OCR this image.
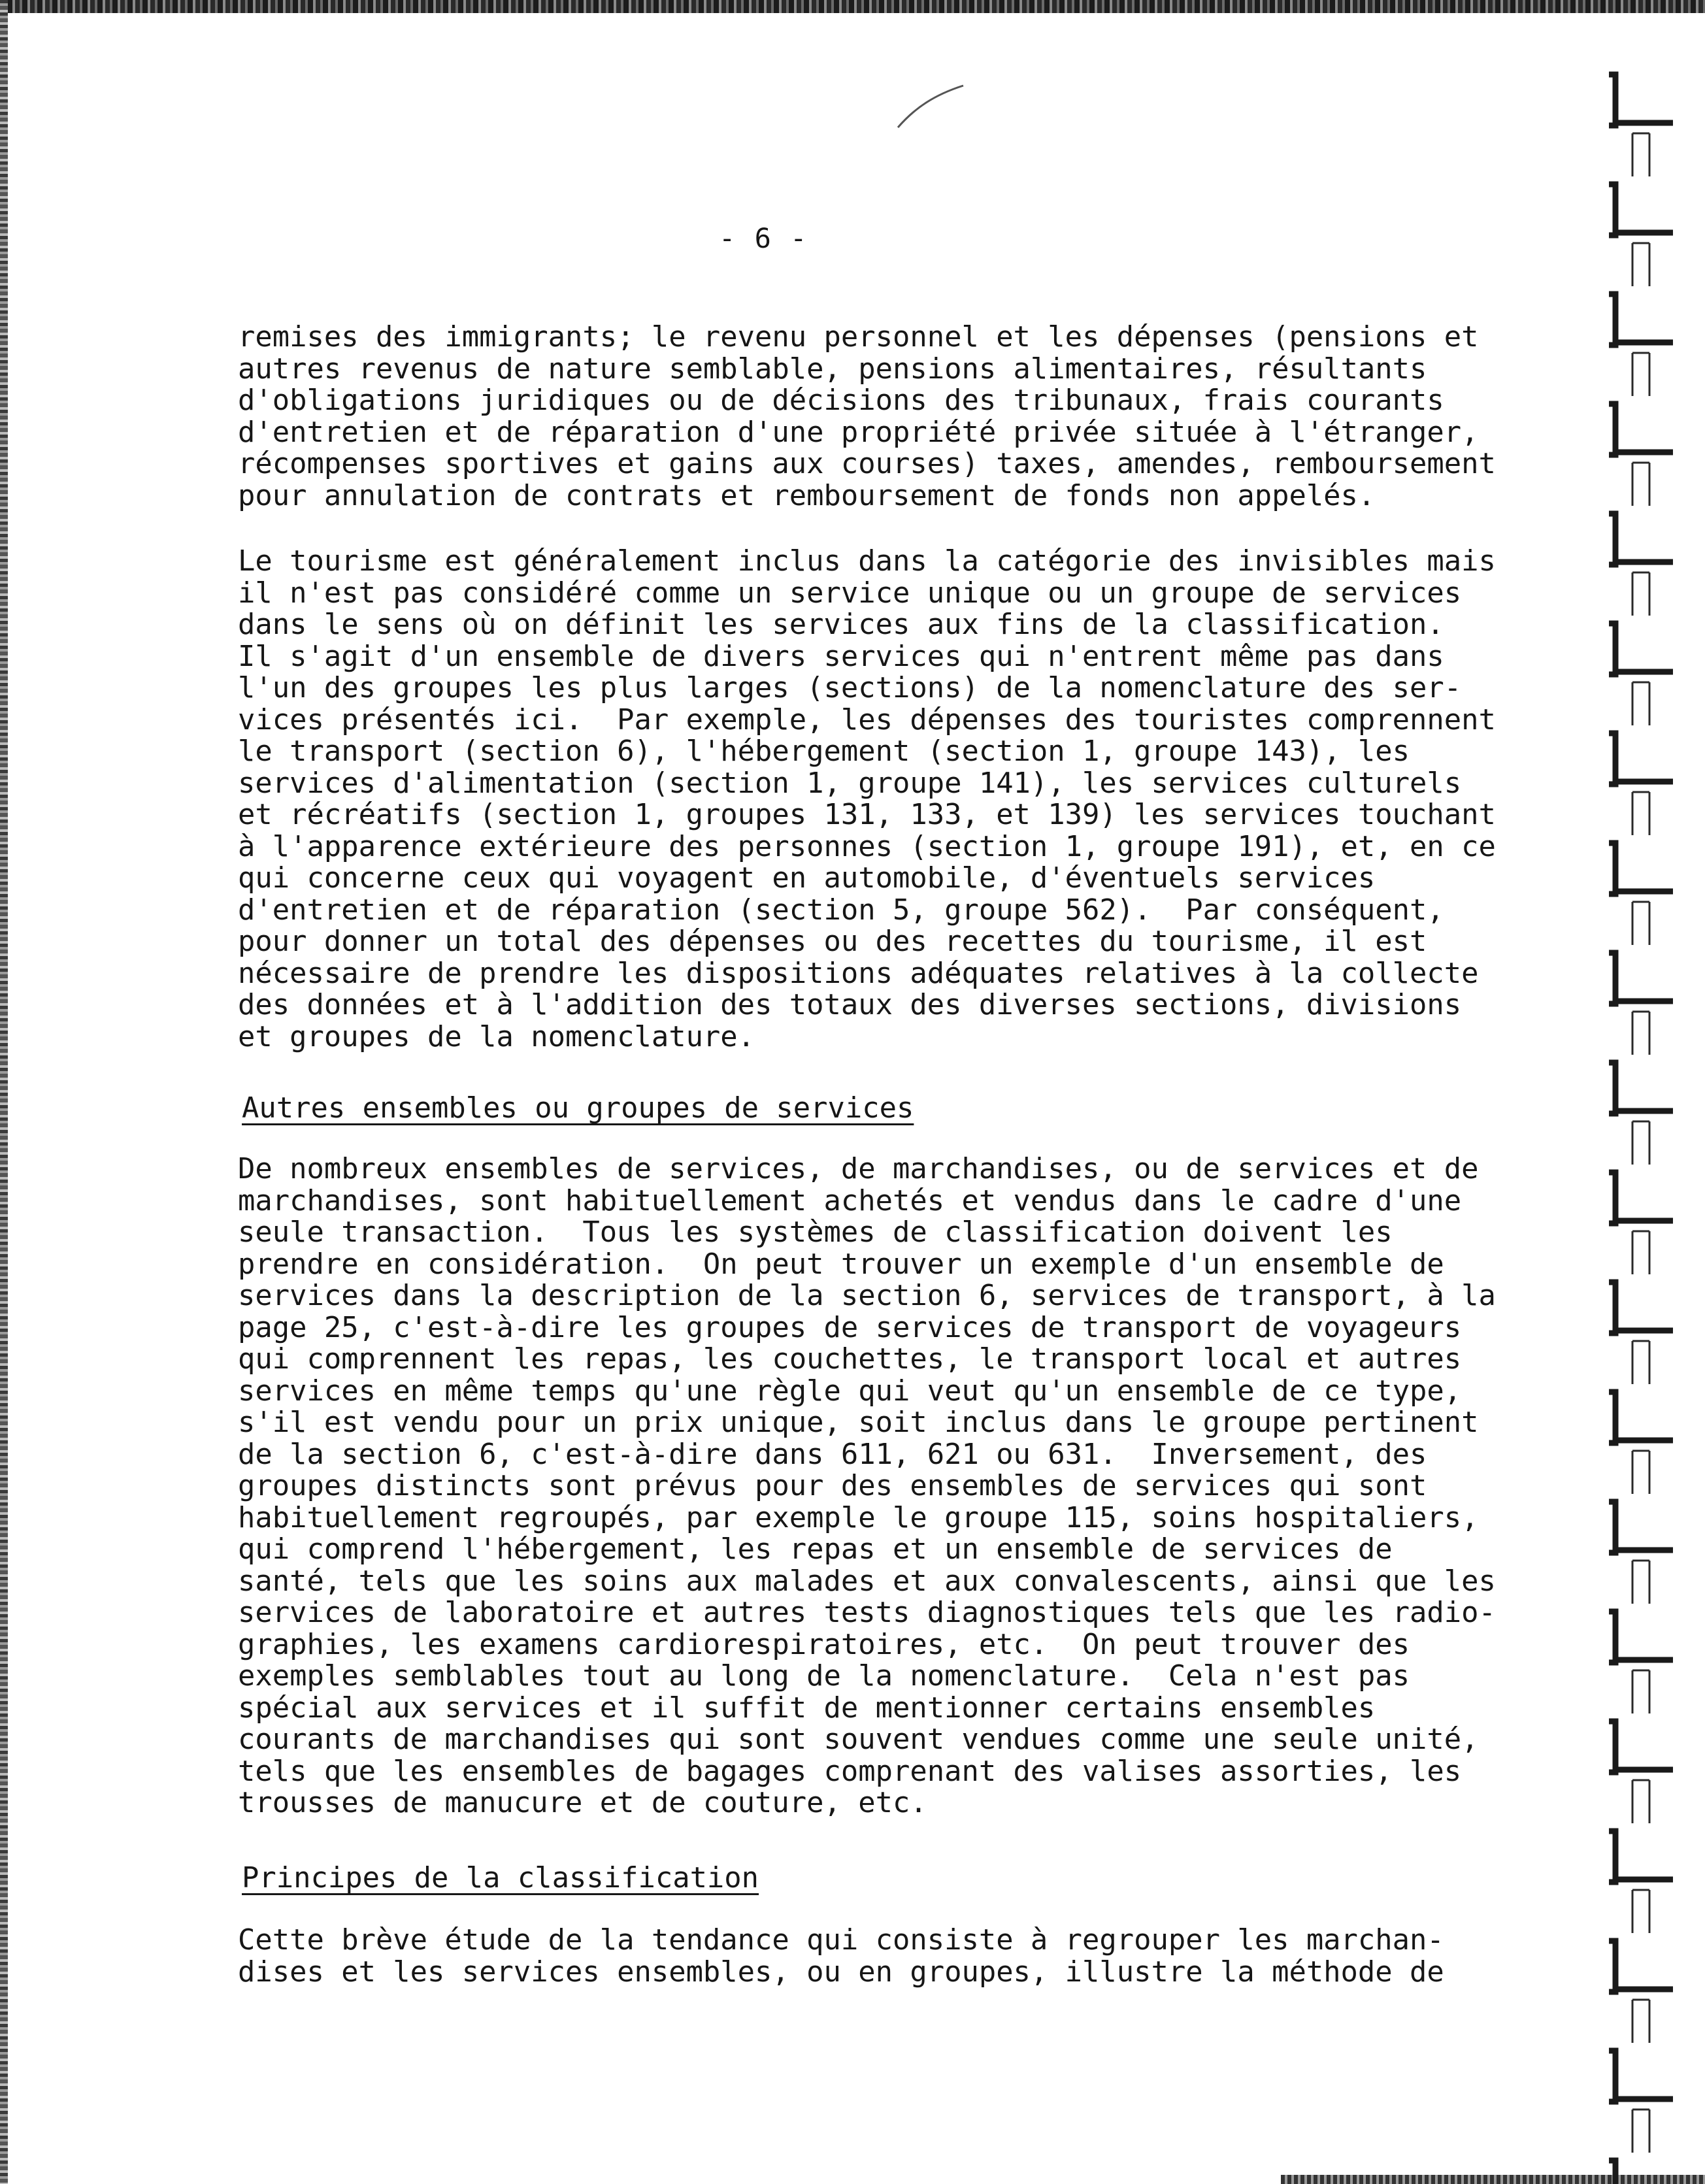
- 6 -
remises des immigrants; le revenu personnel et les dépenses (pensions et
autres revenus de nature semblable, pensions alimentaires, résultants
d'obligations juridiques ou de décisions des tribunaux, frais courants
d'entretien et de réparation d'une propriété privée située à l'étranger,
récompenses sportives et gains aux courses) taxes, amendes, remboursement
pour annulation de contrats et remboursement de fonds non appelés.
Le tourisme est généralement inclus dans la catégorie des invisibles mais
il n'est pas considéré comme un service unique ou un groupe de services
dans le sens où on définit les services aux fins de la classification.
Il s'agit d'un ensemble de divers services qui n'entrent même pas dans
l'un des groupes les plus larges (sections) de la nomenclature des ser-
vices présentés ici.  Par exemple, les dépenses des touristes comprennent
le transport (section 6), l'hébergement (section 1, groupe 143), les
services d'alimentation (section 1, groupe 141), les services culturels
et récréatifs (section 1, groupes 131, 133, et 139) les services touchant
à l'apparence extérieure des personnes (section 1, groupe 191), et, en ce
qui concerne ceux qui voyagent en automobile, d'éventuels services
d'entretien et de réparation (section 5, groupe 562).  Par conséquent,
pour donner un total des dépenses ou des recettes du tourisme, il est
nécessaire de prendre les dispositions adéquates relatives à la collecte
des données et à l'addition des totaux des diverses sections, divisions
et groupes de la nomenclature.
Autres ensembles ou groupes de services
De nombreux ensembles de services, de marchandises, ou de services et de
marchandises, sont habituellement achetés et vendus dans le cadre d'une
seule transaction.  Tous les systèmes de classification doivent les
prendre en considération.  On peut trouver un exemple d'un ensemble de
services dans la description de la section 6, services de transport, à la
page 25, c'est-à-dire les groupes de services de transport de voyageurs
qui comprennent les repas, les couchettes, le transport local et autres
services en même temps qu'une règle qui veut qu'un ensemble de ce type,
s'il est vendu pour un prix unique, soit inclus dans le groupe pertinent
de la section 6, c'est-à-dire dans 611, 621 ou 631.  Inversement, des
groupes distincts sont prévus pour des ensembles de services qui sont
habituellement regroupés, par exemple le groupe 115, soins hospitaliers,
qui comprend l'hébergement, les repas et un ensemble de services de
santé, tels que les soins aux malades et aux convalescents, ainsi que les
services de laboratoire et autres tests diagnostiques tels que les radio-
graphies, les examens cardiorespiratoires, etc.  On peut trouver des
exemples semblables tout au long de la nomenclature.  Cela n'est pas
spécial aux services et il suffit de mentionner certains ensembles
courants de marchandises qui sont souvent vendues comme une seule unité,
tels que les ensembles de bagages comprenant des valises assorties, les
trousses de manucure et de couture, etc.
Principes de la classification
Cette brève étude de la tendance qui consiste à regrouper les marchan-
dises et les services ensembles, ou en groupes, illustre la méthode de
